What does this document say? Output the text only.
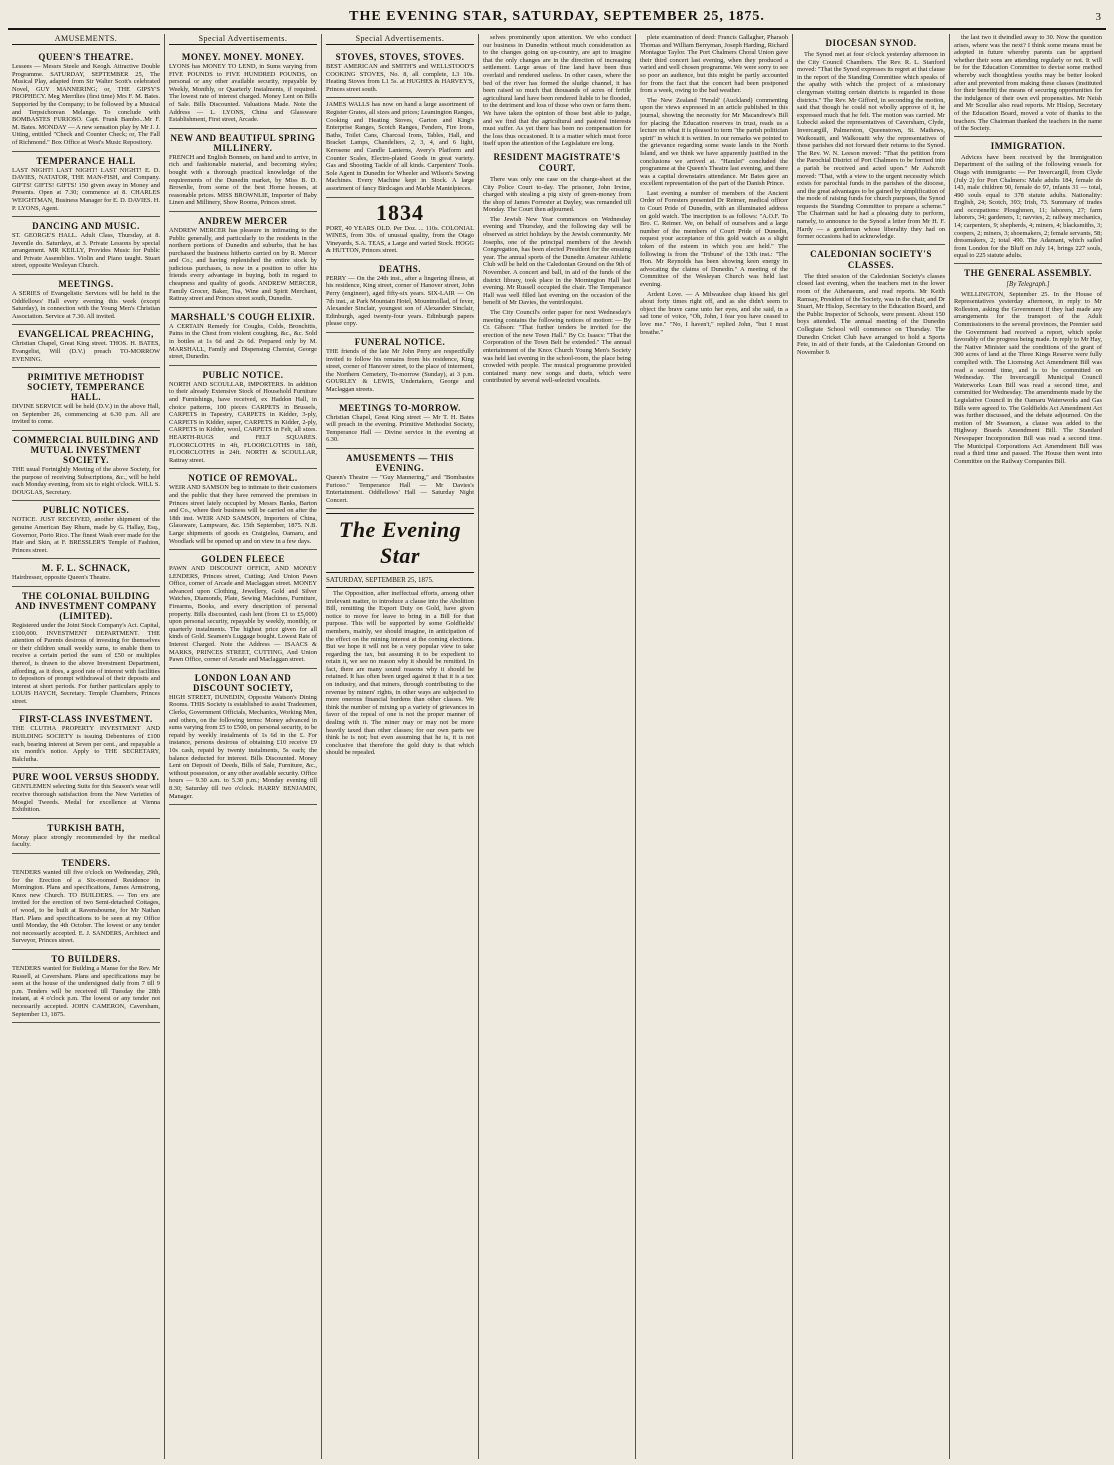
THE EVENING STAR, SATURDAY, SEPTEMBER 25, 1875.	3
AMUSEMENTS.
QUEEN'S THEATRE.
Lessees — Messrs Steele and Keogh. Attractive Double Programme. SATURDAY, SEPTEMBER 25, The Musical Play, adapted from Sir Walter Scott's celebrated Novel, GUY MANNERING; or, THE GIPSY'S PROPHECY. Meg Merrilies (first time) Mrs F. M. Bates. Supported by the Company; to be followed by a Musical and Terpsichorean Melange. To conclude with BOMBASTES FURIOSO. Capt. Frank Bambo...Mr F. M. Bates. MONDAY — A new sensation play by Mr J. J. Utting, entitled "Check and Counter Check; or, The Fall of Richmond." Box Office at West's Music Repository.
TEMPERANCE HALL
LAST NIGHT! LAST NIGHT! LAST NIGHT! E. D. DAVIES, NATATOR, THE MAN-FISH, and Company. GIFTS! GIFTS! GIFTS! 150 given away in Money and Presents. Open at 7.30; commence at 8. CHARLES WEIGHTMAN, Business Manager for E. D. DAVIES. H. P. LYONS, Agent.
DANCING AND MUSIC.
ST. GEORGE'S HALL. Adult Class, Thursday, at 8. Juvenile do. Saturdays, at 3. Private Lessons by special arrangement. MR KEILLY, Provides Music for Public and Private Assemblies. Violin and Piano taught. Stuart street, opposite Wesleyan Church.
MEETINGS.
A SERIES of Evangelistic Services will be held in the Oddfellows' Hall every evening this week (except Saturday), in connection with the Young Men's Christian Association. Service at 7.30. All invited.
EVANGELICAL PREACHING,
Christian Chapel, Great King street. THOS. H. BATES, Evangelist, Will (D.V.) preach TO-MORROW EVENING.
PRIMITIVE METHODIST SOCIETY, TEMPERANCE HALL.
DIVINE SERVICE will be held (D.V.) in the above Hall, on September 26, commencing at 6.30 p.m. All are invited to come.
COMMERCIAL BUILDING AND MUTUAL INVESTMENT SOCIETY.
THE usual Fortnightly Meeting of the above Society, for the purpose of receiving Subscriptions, &c., will be held each Monday evening, from six to eight o'clock. WILL S. DOUGLAS, Secretary.
PUBLIC NOTICES.
NOTICE. JUST RECEIVED, another shipment of the genuine American Bay Rhum, made by G. Hallay, Esq., Governor, Porto Rico. The finest Wash ever made for the Hair and Skin, at F. BRESSLER'S Temple of Fashion, Princes street.
M. F. L. SCHNACK,
Hairdresser, opposite Queen's Theatre.
THE COLONIAL BUILDING AND INVESTMENT COMPANY (LIMITED).
Registered under the Joint Stock Company's Act. Capital, £100,000. INVESTMENT DEPARTMENT. THE attention of Parents desirous of investing for themselves or their children small weekly sums, to enable them to receive a certain period the sum of £50 or multiples thereof, is drawn to the above Investment Department, affording, as it does, a good rate of interest with facilities to depositors of prompt withdrawal of their deposits and interest at short periods. For further particulars apply to LOUIS HAYCH, Secretary. Temple Chambers, Princes street.
FIRST-CLASS INVESTMENT.
THE CLUTHA PROPERTY INVESTMENT AND BUILDING SOCIETY is issuing Debentures of £100 each, bearing interest at Seven per cent., and repayable a six month's notice. Apply to THE SECRETARY, Balclutha.
PURE WOOL VERSUS SHODDY.
GENTLEMEN selecting Suits for this Season's wear will receive thorough satisfaction from the New Varieties of Mosgiel Tweeds. Medal for excellence at Vienna Exhibition.
TURKISH BATH,
Moray place strongly recommended by the medical faculty.
TENDERS.
TENDERS wanted till five o'clock on Wednesday, 29th, for the Erection of a Six-roomed Residence in Mornington. Plans and specifications, James Armstrong, Knox new Church. TO BUILDERS. — Ten ers are invited for the erection of two Semi-detached Cottages, of wood, to be built at Ravensbourne, for Mr Nathan Hart. Plans and specifications to be seen at my Office until Monday, the 4th October. The lowest or any tender not necessarily accepted. E. J. SANDERS, Architect and Surveyor, Princes street.
TO BUILDERS.
TENDERS wanted for Building a Manse for the Rev. Mr Russell, at Caversham. Plans and specifications may be seen at the house of the undersigned daily from 7 till 9 p.m. Tenders will be received till Tuesday the 28th instant, at 4 o'clock p.m. The lowest or any tender not necessarily accepted. JOHN CAMERON, Caversham, September 13, 1875.
Special Advertisements.
MONEY. MONEY. MONEY.
LYONS has MONEY TO LEND, in Sums varying from FIVE POUNDS to FIVE HUNDRED POUNDS, on personal or any other available security, repayable by Weekly, Monthly, or Quarterly Instalments, if required. The lowest rate of interest charged. Money Lent on Bills of Sale. Bills Discounted. Valuations Made. Note the Address — L. LYONS, China and Glassware Establishment, First street, Arcade.
NEW AND BEAUTIFUL SPRING MILLINERY.
FRENCH and English Bonnets, on hand and to arrive, in rich and fashionable material, and becoming styles; bought with a thorough practical knowledge of the requirements of the Dunedin market, by Miss B. D. Brownlie, from some of the best Home houses, at reasonable prices. MISS BROWNLIE, Importer of Baby Linen and Millinery, Show Rooms, Princes street.
ANDREW MERCER
ANDREW MERCER has pleasure in intimating to the Public generally, and particularly to the residents in the northern portions of Dunedin and suburbs, that he has purchased the business hitherto carried on by R. Mercer and Co.; and having replenished the entire stock by judicious purchases, is now in a position to offer his friends every advantage in buying, both in regard to cheapness and quality of goods. ANDREW MERCER, Family Grocer, Baker, Tea, Wine and Spirit Merchant, Rattray street and Princes street south, Dunedin.
MARSHALL'S COUGH ELIXIR.
A CERTAIN Remedy for Coughs, Colds, Bronchitis, Pains in the Chest from violent coughing, &c., &c. Sold in bottles at 1s 6d and 2s 6d. Prepared only by M. MARSHALL, Family and Dispensing Chemist, George street, Dunedin.
PUBLIC NOTICE.
NORTH AND SCOULLAR, IMPORTERS. In addition to their already Extensive Stock of Household Furniture and Furnishings, have received, ex Haddon Hall, in choice patterns, 100 pieces CARPETS in Brussels, CARPETS in Tapestry, CARPETS in Kidder, 3-ply, CARPETS in Kidder, super, CARPETS in Kidder, 2-ply, CARPETS in Kidder, wool, CARPETS in Felt, all sizes. HEARTH-RUGS and FELT SQUARES. FLOORCLOTHS in 4ft, FLOORCLOTHS in 18ft, FLOORCLOTHS in 24ft. NORTH & SCOULLAR, Rattray street.
NOTICE OF REMOVAL.
WEIR AND SAMSON beg to intimate to their customers and the public that they have removed the premises in Princes street lately occupied by Messrs Banks, Barton and Co., where their business will be carried on after the 18th inst. WEIR AND SAMSON, Importers of China, Glassware, Lampware, &c. 15th September, 1875. N.B. Large shipments of goods ex Craigielea, Oamaru, and Woodlark will be opened up and on view in a few days.
GOLDEN FLEECE
PAWN AND DISCOUNT OFFICE, AND MONEY LENDERS, Princes street, Cutting; And Union Pawn Office, corner of Arcade and Maclaggan street. MONEY advanced upon Clothing, Jewellery, Gold and Silver Watches, Diamonds, Plate, Sewing Machines, Furniture, Firearms, Books, and every description of personal property. Bills discounted, cash lent (from £1 to £5,000) upon personal security, repayable by weekly, monthly, or quarterly instalments. The highest price given for all kinds of Gold. Seamen's Luggage bought. Lowest Rate of Interest Charged. Note the Address — ISAACS & MARKS, PRINCES STREET, CUTTING, And Union Pawn Office, corner of Arcade and Maclaggan street.
LONDON LOAN AND DISCOUNT SOCIETY,
HIGH STREET, DUNEDIN, Opposite Watson's Dining Rooms. THIS Society is established to assist Tradesmen, Clerks, Government Officials, Mechanics, Working Men, and others, on the following terms: Money advanced in sums varying from £5 to £500, on personal security, to be repaid by weekly instalments of 1s 6d in the £. For instance, persons desirous of obtaining £10 receive £9 10s cash, repaid by twenty instalments, 5s each; the balance deducted for interest. Bills Discounted. Money Lent on Deposit of Deeds, Bills of Sale, Furniture, &c., without possession, or any other available security. Office hours — 9.30 a.m. to 5.30 p.m.; Monday evening till 8.30; Saturday till two o'clock. HARRY BENJAMIN, Manager.
Special Advertisements.
STOVES, STOVES, STOVES.
BEST AMERICAN and SMITH'S and WELLSTOOD'S COOKING STOVES, No. 8, all complete, L3 10s. Heating Stoves from L1 5s. at HUGHES & HARVEY'S, Princes street south.
JAMES WALLS has now on hand a large assortment of Register Grates, all sizes and prices; Leamington Ranges, Cooking and Heating Stoves, Garton and King's Enterprise Ranges, Scotch Ranges, Fenders, Fire Irons, Baths, Toilet Cans, Charcoal Irons, Tables, Hall, and Bracket Lamps, Chandeliers, 2, 3, 4, and 6 light, Kerosene and Candle Lanterns, Avery's Platform and Counter Scales, Electro-plated Goods in great variety. Gas and Shooting Tackle of all kinds. Carpenters' Tools. Sole Agent in Dunedin for Wheeler and Wilson's Sewing Machines. Every Machine kept in Stock. A large assortment of fancy Birdcages and Marble Mantelpieces.
1834
PORT, 40 YEARS OLD. Per Doz. ... 110s. COLONIAL WINES, from 30s. of unusual quality, from the Otago Vineyards, S.A. TEAS, a Large and varied Stock. HOGG & HUTTON, Princes street.
DEATHS.
PERRY — On the 24th inst., after a lingering illness, at his residence, King street, corner of Hanover street, John Perry (engineer), aged fifty-six years. SIX-LAIR — On 7th inst., at Park Mountain Hotel, Mountmollad, of fever, Alexander Sinclair, youngest son of Alexander Sinclair, Edinburgh, aged twenty-four years. Edinburgh papers please copy.
FUNERAL NOTICE.
THE friends of the late Mr John Perry are respectfully invited to follow his remains from his residence, King street, corner of Hanover street, to the place of interment, the Northern Cemetery, To-morrow (Sunday), at 3 p.m. GOURLEY & LEWIS, Undertakers, George and Maclaggan streets.
MEETINGS TO-MORROW.
Christian Chapel, Great King street — Mr T. H. Bates will preach in the evening. Primitive Methodist Society, Temperance Hall — Divine service in the evening at 6.30.
AMUSEMENTS — THIS EVENING.
Queen's Theatre — "Guy Mannering," and "Bombastes Furioso." Temperance Hall — Mr Davies's Entertainment. Oddfellows' Hall — Saturday Night Concert.
The Evening Star
SATURDAY, SEPTEMBER 25, 1875.

The Opposition, after ineffectual efforts, among other irrelevant matter, to introduce a clause into the Abolition Bill, remitting the Export Duty on Gold, have given notice to move for leave to bring in a Bill for that purpose. This will be supported by some Goldfields' members, mainly, we should imagine, in anticipation of the effect on the mining interest at the coming elections. But we hope it will not be a very popular view to take regarding the tax, but assuming it to be expedient to retain it, we see no reason why it should be remitted. In fact, there are many sound reasons why it should be retained. It has often been urged against it that it is a tax on industry, and that miners, through contributing to the revenue by miners' rights, in other ways are subjected to more onerous financial burdens than other classes. We think the number of mixing up a variety of grievances in favor of the repeal of one is not the proper manner of dealing with it. The miner may or may not be more heavily taxed than other classes; for our own parts we think he is not; but even assuming that he is, it is not conclusive that therefore the gold duty is that which should be repealed.

selves prominently upon attention. We who conduct our business in Dunedin without much consideration as to the changes going on up-country, are apt to imagine that the only changes are in the direction of increasing settlement. Large areas of fine land have been thus overlaid and rendered useless. In other cases, where the bed of the river has formed the sludge channel, it has been raised so much that thousands of acres of fertile agricultural land have been rendered liable to be flooded, to the detriment and loss of those who own or farm them. We have taken the opinion of those best able to judge, and we find that the agricultural and pastoral interests must suffer. As yet there has been no compensation for the loss thus occasioned. It is a matter which must force itself upon the attention of the Legislature ere long.

RESIDENT MAGISTRATE'S COURT.

There was only one case on the charge-sheet at the City Police Court to-day. The prisoner, John Irvine, charged with stealing a pig sixty of green-money from the shop of James Forrester at Dayley, was remanded till Monday. The Court then adjourned.

The Jewish New Year commences on Wednesday evening and Thursday, and the following day will be observed as strict holidays by the Jewish community. Mr Josephs, one of the principal members of the Jewish Congregation, has been elected President for the ensuing year. The annual sports of the Dunedin Amateur Athletic Club will be held on the Caledonian Ground on the 9th of November. A concert and ball, in aid of the funds of the district library, took place in the Mornington Hall last evening. Mr Russell occupied the chair. The Temperance Hall was well filled last evening on the occasion of the benefit of Mr Davies, the ventriloquist.

The City Council's order paper for next Wednesday's meeting contains the following notices of motion: — By Cr. Gibson: "That further tenders be invited for the erection of the new Town Hall." By Cr. Isaacs: "That the Corporation of the Town Belt be extended." The annual entertainment of the Knox Church Young Men's Society was held last evening in the school-room, the place being crowded with people. The musical programme provided contained many new songs and duets, which were contributed by several well-selected vocalists.

plete examination of deed: Francis Gallagher, Pharaoh Thomas and William Berryman, Joseph Harding, Richard Montague Taylor. The Port Chalmers Choral Union gave their third concert last evening, when they produced a varied and well chosen programme. We were sorry to see so poor an audience, but this might be partly accounted for from the fact that the concert had been postponed from a week, owing to the bad weather.

The New Zealand 'Herald' (Auckland) commenting upon the views expressed in an article published in this journal, showing the necessity for Mr Macandrew's Bill for placing the Education reserves in trust, reads us a lecture on what it is pleased to term "the parish politician spirit" in which it is written. In our remarks we pointed to the grievance regarding some waste lands in the North Island, and we think we have apparently justified in the conclusions we arrived at. "Hamlet" concluded the programme at the Queen's Theatre last evening, and there was a capital downstairs attendance. Mr Bates gave an excellent representation of the part of the Danish Prince.

Last evening a number of members of the Ancient Order of Foresters presented Dr Reimer, medical officer to Court Pride of Dunedin, with an illuminated address on gold watch. The inscription is as follows: "A.O.F. To Bro. C. Reimer. We, on behalf of ourselves and a large number of the members of Court Pride of Dunedin, request your acceptance of this gold watch as a slight token of the esteem in which you are held." The following is from the 'Tribune' of the 13th inst.: "The Hon. Mr Reynolds has been showing keen energy in advocating the claims of Dunedin." A meeting of the Committee of the Wesleyan Church was held last evening.

Ardent Love. — A Milwaukee chap kissed his girl about forty times right off, and as she didn't seem to object the brave came unto her eyes, and she said, in a sad tone of voice, "Oh, John, I fear you have ceased to love me." "No, I haven't," replied John, "but I must breathe."

DIOCESAN SYNOD.

The Synod met at four o'clock yesterday afternoon in the City Council Chambers. The Rev. R. L. Stanford moved: "That the Synod expresses its regret at that clause in the report of the Standing Committee which speaks of the apathy with which the project of a missionary clergyman visiting certain districts is regarded in those districts." The Rev. Mr Gifford, in seconding the motion, said that though he could not wholly approve of it, he expressed much that he felt. The motion was carried. Mr Lubecki asked the representatives of Caversham, Clyde, Invercargill, Palmerston, Queenstown, St. Mathews, Waikouaiti, and Walkouaiti why the representatives of those parishes did not forward their returns to the Synod. The Rev. W. N. Leeson moved: "That the petition from the Parochial District of Port Chalmers to be formed into a parish be received and acted upon." Mr Ashcroft moved: "That, with a view to the urgent necessity which exists for parochial funds in the parishes of the diocese, and the great advantages to be gained by simplification of the mode of raising funds for church purposes, the Synod requests the Standing Committee to prepare a scheme." The Chairman said he had a pleasing duty to perform, namely, to announce to the Synod a letter from Mr H. F. Hardy — a gentleman whose liberality they had on former occasions had to acknowledge.

CALEDONIAN SOCIETY'S CLASSES.

The third session of the Caledonian Society's classes closed last evening, when the teachers met in the lower room of the Athenaeum, and read reports. Mr Keith Ramsay, President of the Society, was in the chair, and Dr Stuart, Mr Hislop, Secretary to the Education Board, and the Public Inspector of Schools, were present. About 150 boys attended. The annual meeting of the Dunedin Collegiate School will commence on Thursday. The Dunedin Cricket Club have arranged to hold a Sports Fete, in aid of their funds, at the Caledonian Ground on November 9.

the last two it dwindled away to 30. Now the question arises, where was the next? I think some means must be adopted in future whereby parents can be apprised whether their sons are attending regularly or not. It will be for the Education Committee to devise some method whereby such thoughtless youths may be better looked after and prevented from making these classes (instituted for their benefit) the means of securing opportunities for the indulgence of their own evil propensities. Mr Neish and Mr Scoullar also read reports. Mr Hislop, Secretary of the Education Board, moved a vote of thanks to the teachers. The Chairman thanked the teachers in the name of the Society.

IMMIGRATION.

Advices have been received by the Immigration Department of the sailing of the following vessels for Otago with immigrants: — Per Invercargill, from Clyde (July 2) for Port Chalmers: Male adults 184, female do 143, male children 90, female do 97, infants 31 — total, 490 souls equal to 378 statute adults. Nationality: English, 24; Scotch, 393; Irish, 73. Summary of trades and occupations: Ploughmen, 11; laborers, 27; farm laborers, 34; gardeners, 1; navvies, 2; railway mechanics, 14; carpenters, 9; shepherds, 4; miners, 4; blacksmiths, 3; coopers, 2; miners, 3; shoemakers, 2; female servants, 58; dressmakers, 2; total 490. The Adamant, which sailed from London for the Bluff on July 14, brings 227 souls, equal to 225 statute adults.

THE GENERAL ASSEMBLY.
[By Telegraph.]

WELLINGTON, September 25. In the House of Representatives yesterday afternoon, in reply to Mr Rolleston, asking the Government if they had made any arrangements for the transport of the Adult Commissioners to the several provinces, the Premier said the Government had received a report, which spoke favorably of the progress being made. In reply to Mr Hay, the Native Minister said the conditions of the grant of 300 acres of land at the Three Kings Reserve were fully complied with. The Licensing Act Amendment Bill was read a second time, and is to be committed on Wednesday. The Invercargill Municipal Council Waterworks Loan Bill was read a second time, and committed for Wednesday. The amendments made by the Legislative Council in the Oamaru Waterworks and Gas Bills were agreed to. The Goldfields Act Amendment Act was further discussed, and the debate adjourned. On the motion of Mr Swanson, a clause was added to the Highway Boards Amendment Bill. The Standard Newspaper Incorporation Bill was read a second time. The Municipal Corporations Act Amendment Bill was read a third time and passed. The House then went into Committee on the Railway Companies Bill.
